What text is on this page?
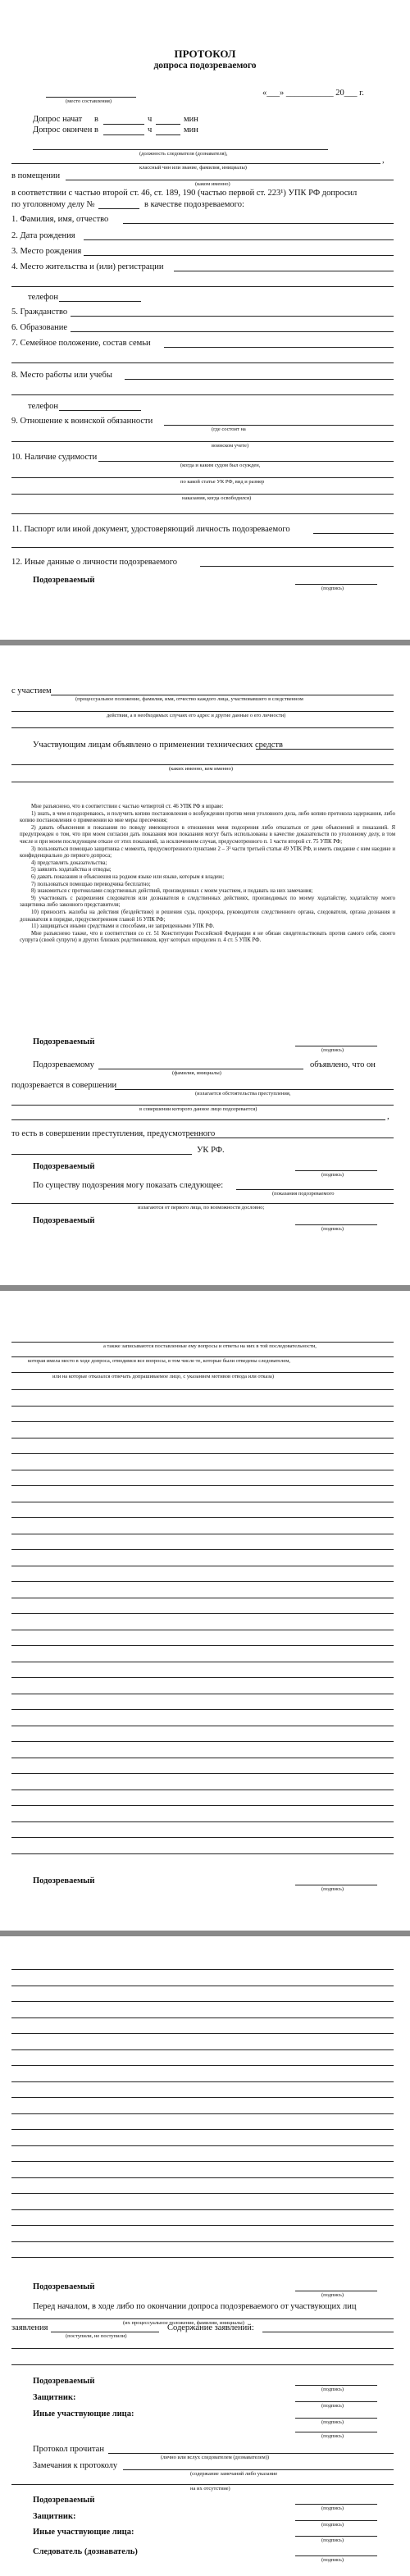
ПРОТОКОЛ
допроса подозреваемого
(место составления)
«___» ___________ 20___ г.
Допрос начат в	ч	мин
Допрос окончен в	ч	мин
(должность следователя (дознавателя),
,
классный чин или звание, фамилия, инициалы)
в помещении
(каком именно)
в соответствии с частью второй ст. 46, ст. 189, 190 (частью первой ст. 223¹) УПК РФ допросил
по уголовному делу №	в качестве подозреваемого:
1. Фамилия, имя, отчество
2. Дата рождения
3. Место рождения
4. Место жительства и (или) регистрации
телефон
5. Гражданство
6. Образование
7. Семейное положение, состав семьи
8. Место работы или учебы
телефон
9. Отношение к воинской обязанности
(где состоит на
воинском учете)
10. Наличие судимости
(когда и каким судом был осужден,
по какой статье УК РФ, вид и размер
наказания, когда освободился)
11. Паспорт или иной документ, удостоверяющий личность подозреваемого
12. Иные данные о личности подозреваемого
Подозреваемый
(подпись)
с участием
(процессуальное положение, фамилия, имя, отчество каждого лица, участвовавшего в следственном
действии, а в необходимых случаях его адрес и другие данные о его личности)
Участвующим лицам объявлено о применении технических средств
(каких именно, кем именно)

Мне разъяснено, что в соответствии с частью четвертой ст. 46 УПК РФ я вправе:

1) знать, в чем я подозреваюсь, и получить копию постановления о возбуждении против меня уголовного дела, либо копию протокола задержания, либо копию постановления о применении ко мне меры пресечения;

2) давать объяснения и показания по поводу имеющегося в отношении меня подозрения либо отказаться от дачи объяснений и показаний. Я предупрежден о том, что при моем согласии дать показания мои показания могут быть использованы в качестве доказательств по уголовному делу, в том числе и при моем последующем отказе от этих показаний, за исключением случая, предусмотренного п. 1 части второй ст. 75 УПК РФ;

3) пользоваться помощью защитника с момента, предусмотренного пунктами 2 – 3¹ части третьей статьи 49 УПК РФ, и иметь свидание с ним наедине и конфиденциально до первого допроса;

4) представлять доказательства;

5) заявлять ходатайства и отводы;

6) давать показания и объяснения на родном языке или языке, которым я владею;

7) пользоваться помощью переводчика бесплатно;

8) знакомиться с протоколами следственных действий, произведенных с моим участием, и подавать на них замечания;

9) участвовать с разрешения следователя или дознавателя в следственных действиях, производимых по моему ходатайству, ходатайству моего защитника либо законного представителя;

10) приносить жалобы на действия (бездействие) и решения суда, прокурора, руководителя следственного органа, следователя, органа дознания и дознавателя в порядке, предусмотренном главой 16 УПК РФ;

11) защищаться иными средствами и способами, не запрещенными УПК РФ.

Мне разъяснено также, что в соответствии со ст. 51 Конституции Российской Федерации я не обязан свидетельствовать против самого себя, своего супруга (своей супруги) и других близких родственников, круг которых определен п. 4 ст. 5 УПК РФ.

Подозреваемый
(подпись)
Подозреваемому
(фамилия, инициалы)
объявлено, что он
подозревается в совершении
(излагается обстоятельства преступления,
в совершении которого данное лицо подозревается)
,
то есть в совершении преступления, предусмотренного
УК РФ.
Подозреваемый
(подпись)
По существу подозрения могу показать следующее:
(показания подозреваемого
излагаются от первого лица, по возможности дословно;
Подозреваемый
(подпись)
а также записываются поставленные ему вопросы и ответы на них в той последовательности,
которая имела место в ходе допроса, отводимся все вопросы, в том числе те, которые были отведены следователем,
или на которые отказался отвечать допрашиваемое лицо, с указанием мотивов отвода или отказа)
Подозреваемый
(подпись)
Подозреваемый
(подпись)
Перед началом, в ходе либо по окончании допроса подозреваемого от участвующих лиц
(их процессуальное положение, фамилии, инициалы)
заявления
(поступили, не поступили)
Содержание заявлений:
Подозреваемый
(подпись)
Защитник:
(подпись)
Иные участвующие лица:
(подпись)
(подпись)
Протокол прочитан
(лично или вслух следователем (дознавателем))
Замечания к протоколу
(содержание замечаний либо указание
на их отсутствие)
Подозреваемый
(подпись)
Защитник:
(подпись)
Иные участвующие лица:
(подпись)
Следователь (дознаватель)
(подпись)
